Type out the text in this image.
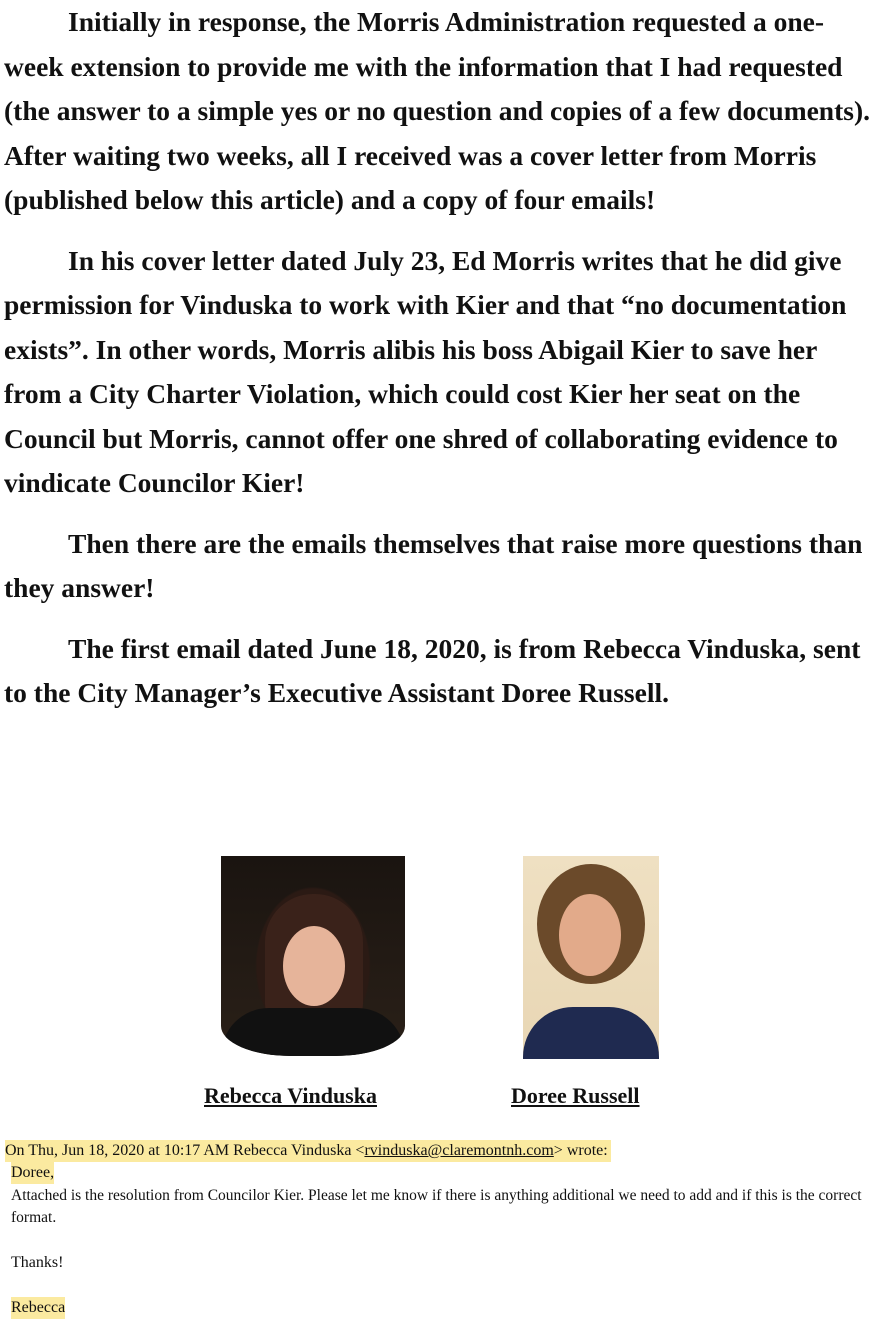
Initially in response, the Morris Administration requested a one-week extension to provide me with the information that I had requested (the answer to a simple yes or no question and copies of a few documents). After waiting two weeks, all I received was a cover letter from Morris (published below this article) and a copy of four emails!

In his cover letter dated July 23, Ed Morris writes that he did give permission for Vinduska to work with Kier and that “no documentation exists”. In other words, Morris alibis his boss Abigail Kier to save her from a City Charter Violation, which could cost Kier her seat on the Council but Morris, cannot offer one shred of collaborating evidence to vindicate Councilor Kier!

Then there are the emails themselves that raise more questions than they answer!

The first email dated June 18, 2020, is from Rebecca Vinduska, sent to the City Manager’s Executive Assistant Doree Russell.

Rebecca Vinduska	Doree Russell
On Thu, Jun 18, 2020 at 10:17 AM Rebecca Vinduska <rvinduska@claremontnh.com> wrote:
Doree,
Attached is the resolution from Councilor Kier. Please let me know if there is anything additional we need to add and if this is the correct format.
Thanks!
Rebecca
